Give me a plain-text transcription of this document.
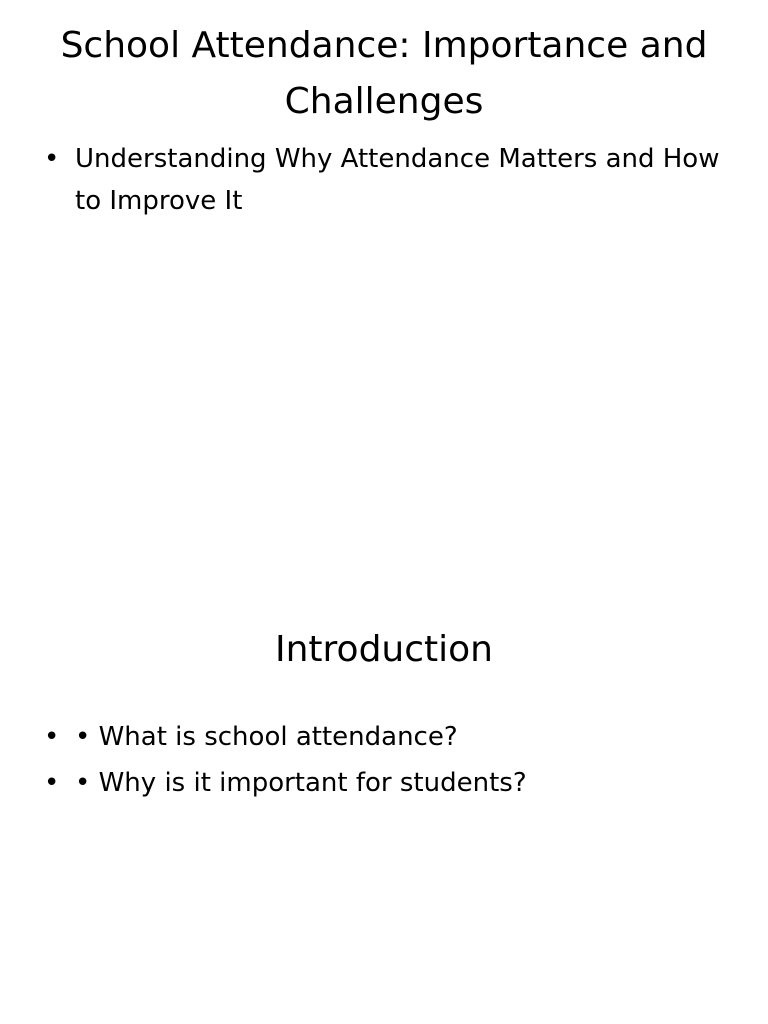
School Attendance: Importance and Challenges
• Understanding Why Attendance Matters and How to Improve It
Introduction
• • What is school attendance?
• • Why is it important for students?
